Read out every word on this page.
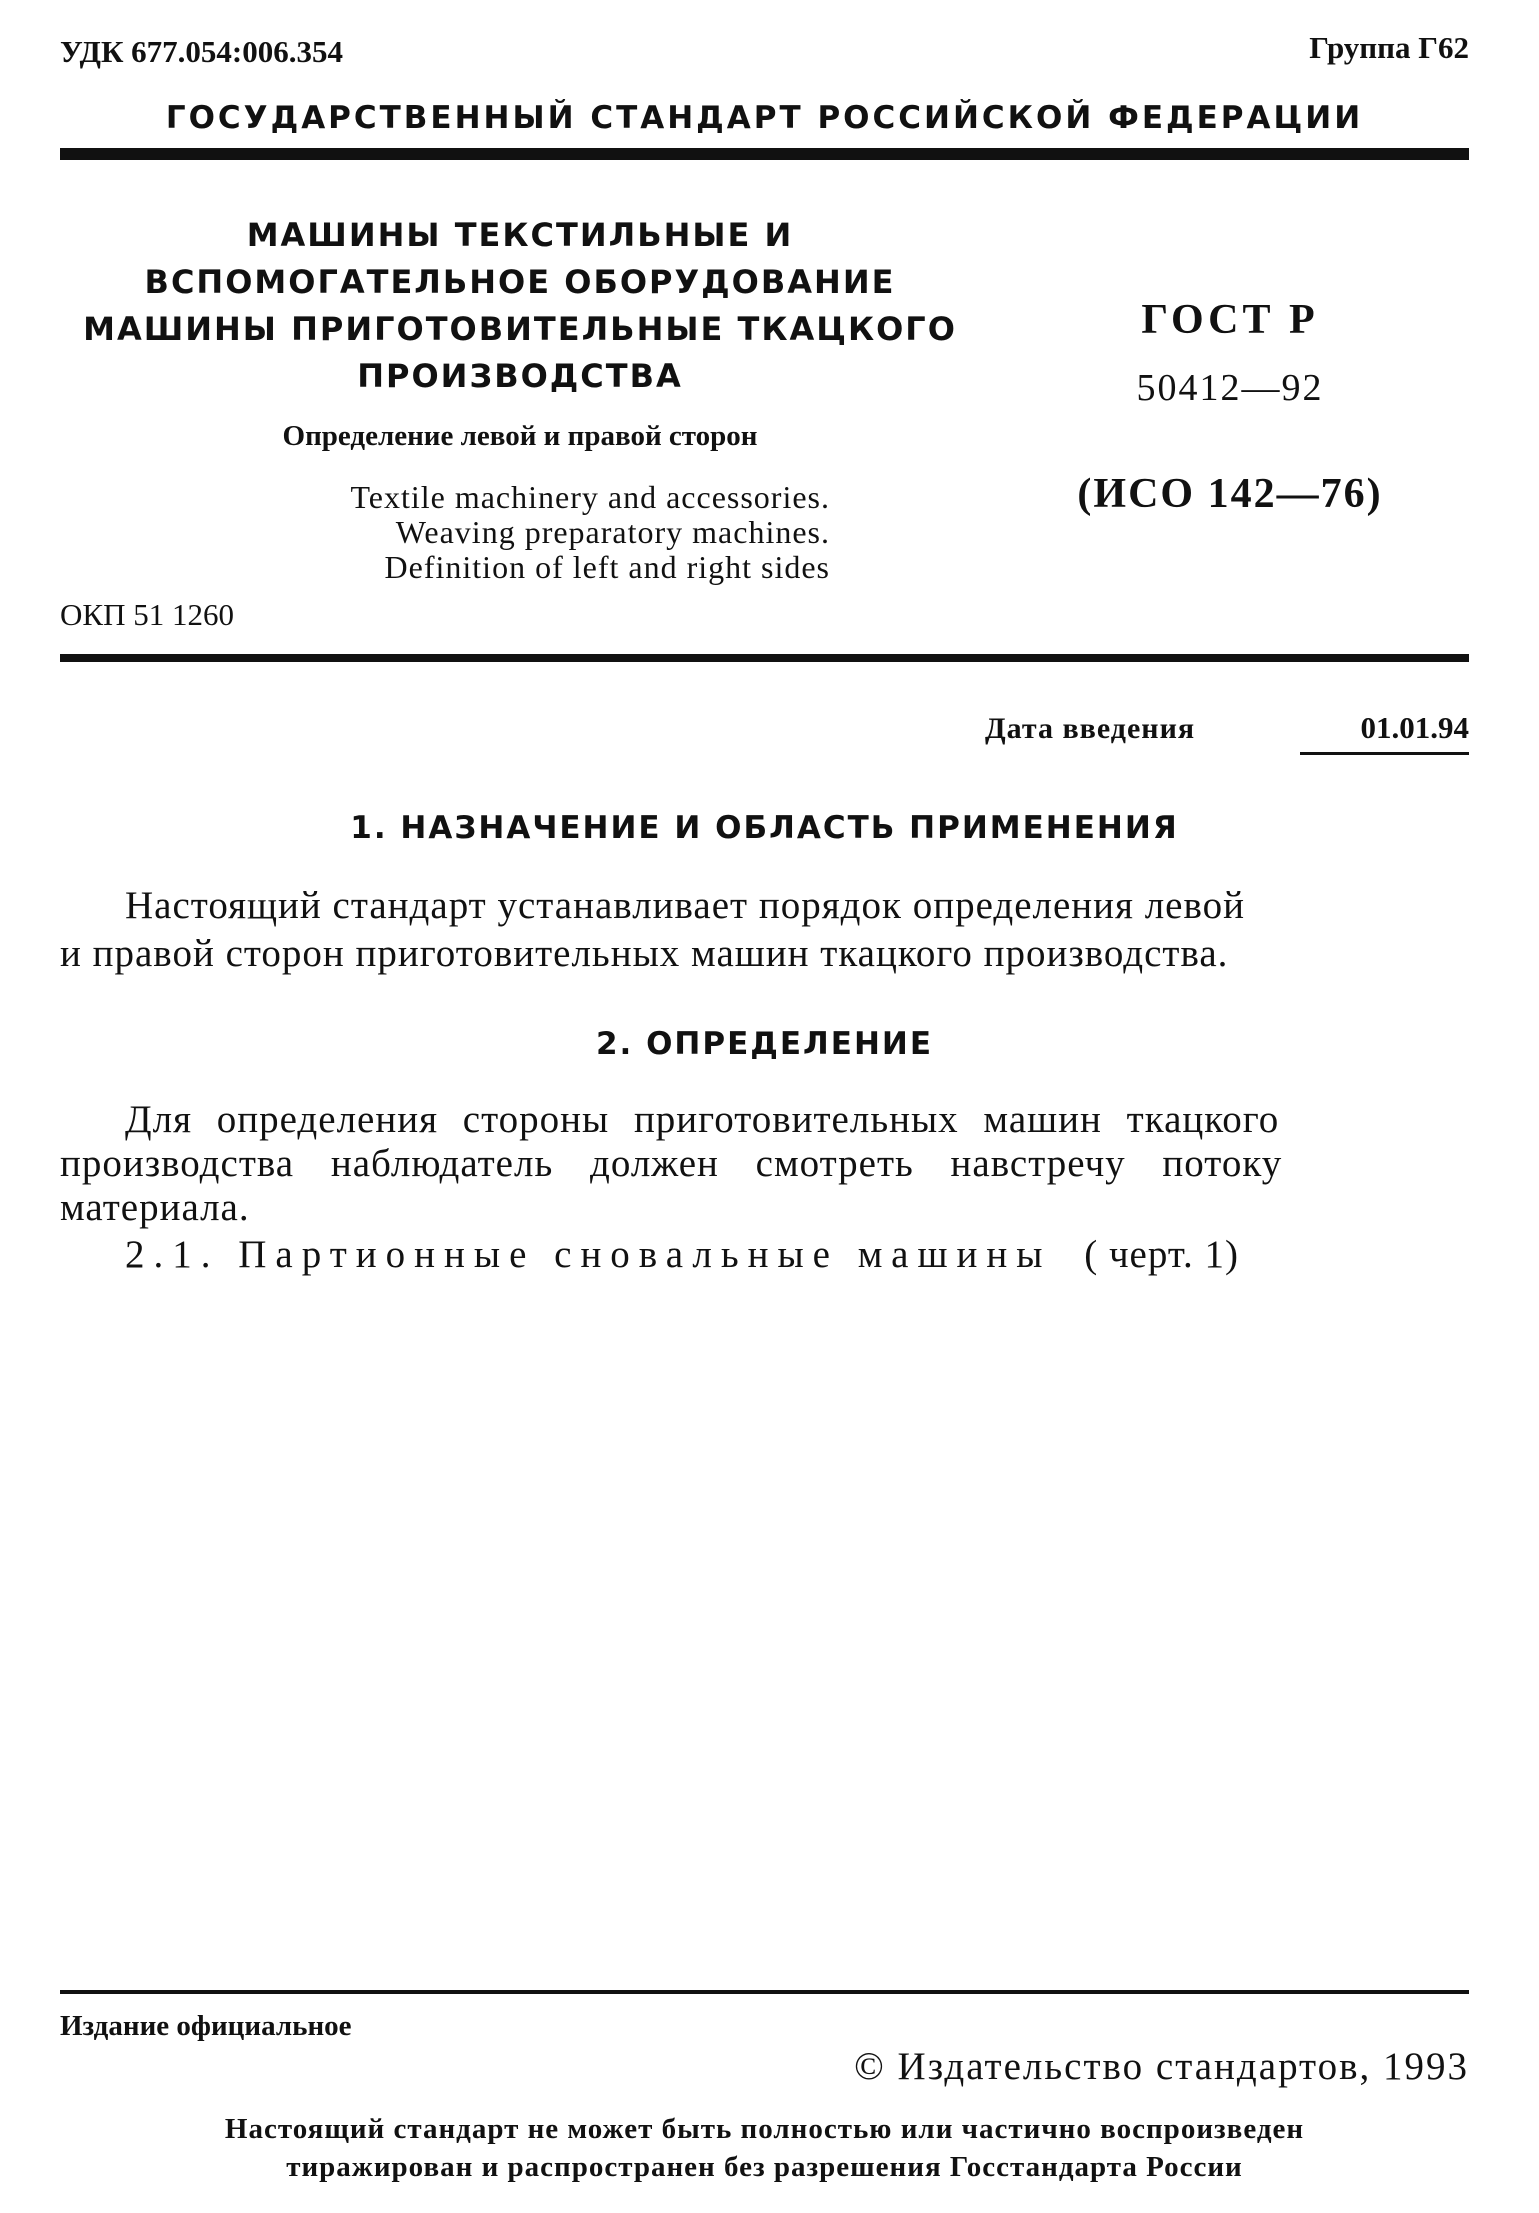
УДК 677.054:006.354	Группа Г62
ГОСУДАРСТВЕННЫЙ СТАНДАРТ РОССИЙСКОЙ ФЕДЕРАЦИИ
МАШИНЫ ТЕКСТИЛЬНЫЕ И
ВСПОМОГАТЕЛЬНОЕ ОБОРУДОВАНИЕ
МАШИНЫ ПРИГОТОВИТЕЛЬНЫЕ ТКАЦКОГО
ПРОИЗВОДСТВА
Определение левой и правой сторон
Textile machinery and accessories.
Weaving preparatory machines.
Definition of left and right sides
ОКП 51 1260
ГОСТ Р
50412—92
(ИСО 142—76)
Дата введения	01.01.94
1. НАЗНАЧЕНИЕ И ОБЛАСТЬ ПРИМЕНЕНИЯ
Настоящий стандарт устанавливает порядок определения левой
и правой сторон приготовительных машин ткацкого производства.
2. ОПРЕДЕЛЕНИЕ
Для определения стороны приготовительных машин ткацкого
производства наблюдатель должен смотреть навстречу потоку
материала.
2.1. Партионные сновальные машины ( черт. 1)
Издание официальное
© Издательство стандартов, 1993
Настоящий стандарт не может быть полностью или частично воспроизведен
тиражирован и распространен без разрешения Госстандарта России
